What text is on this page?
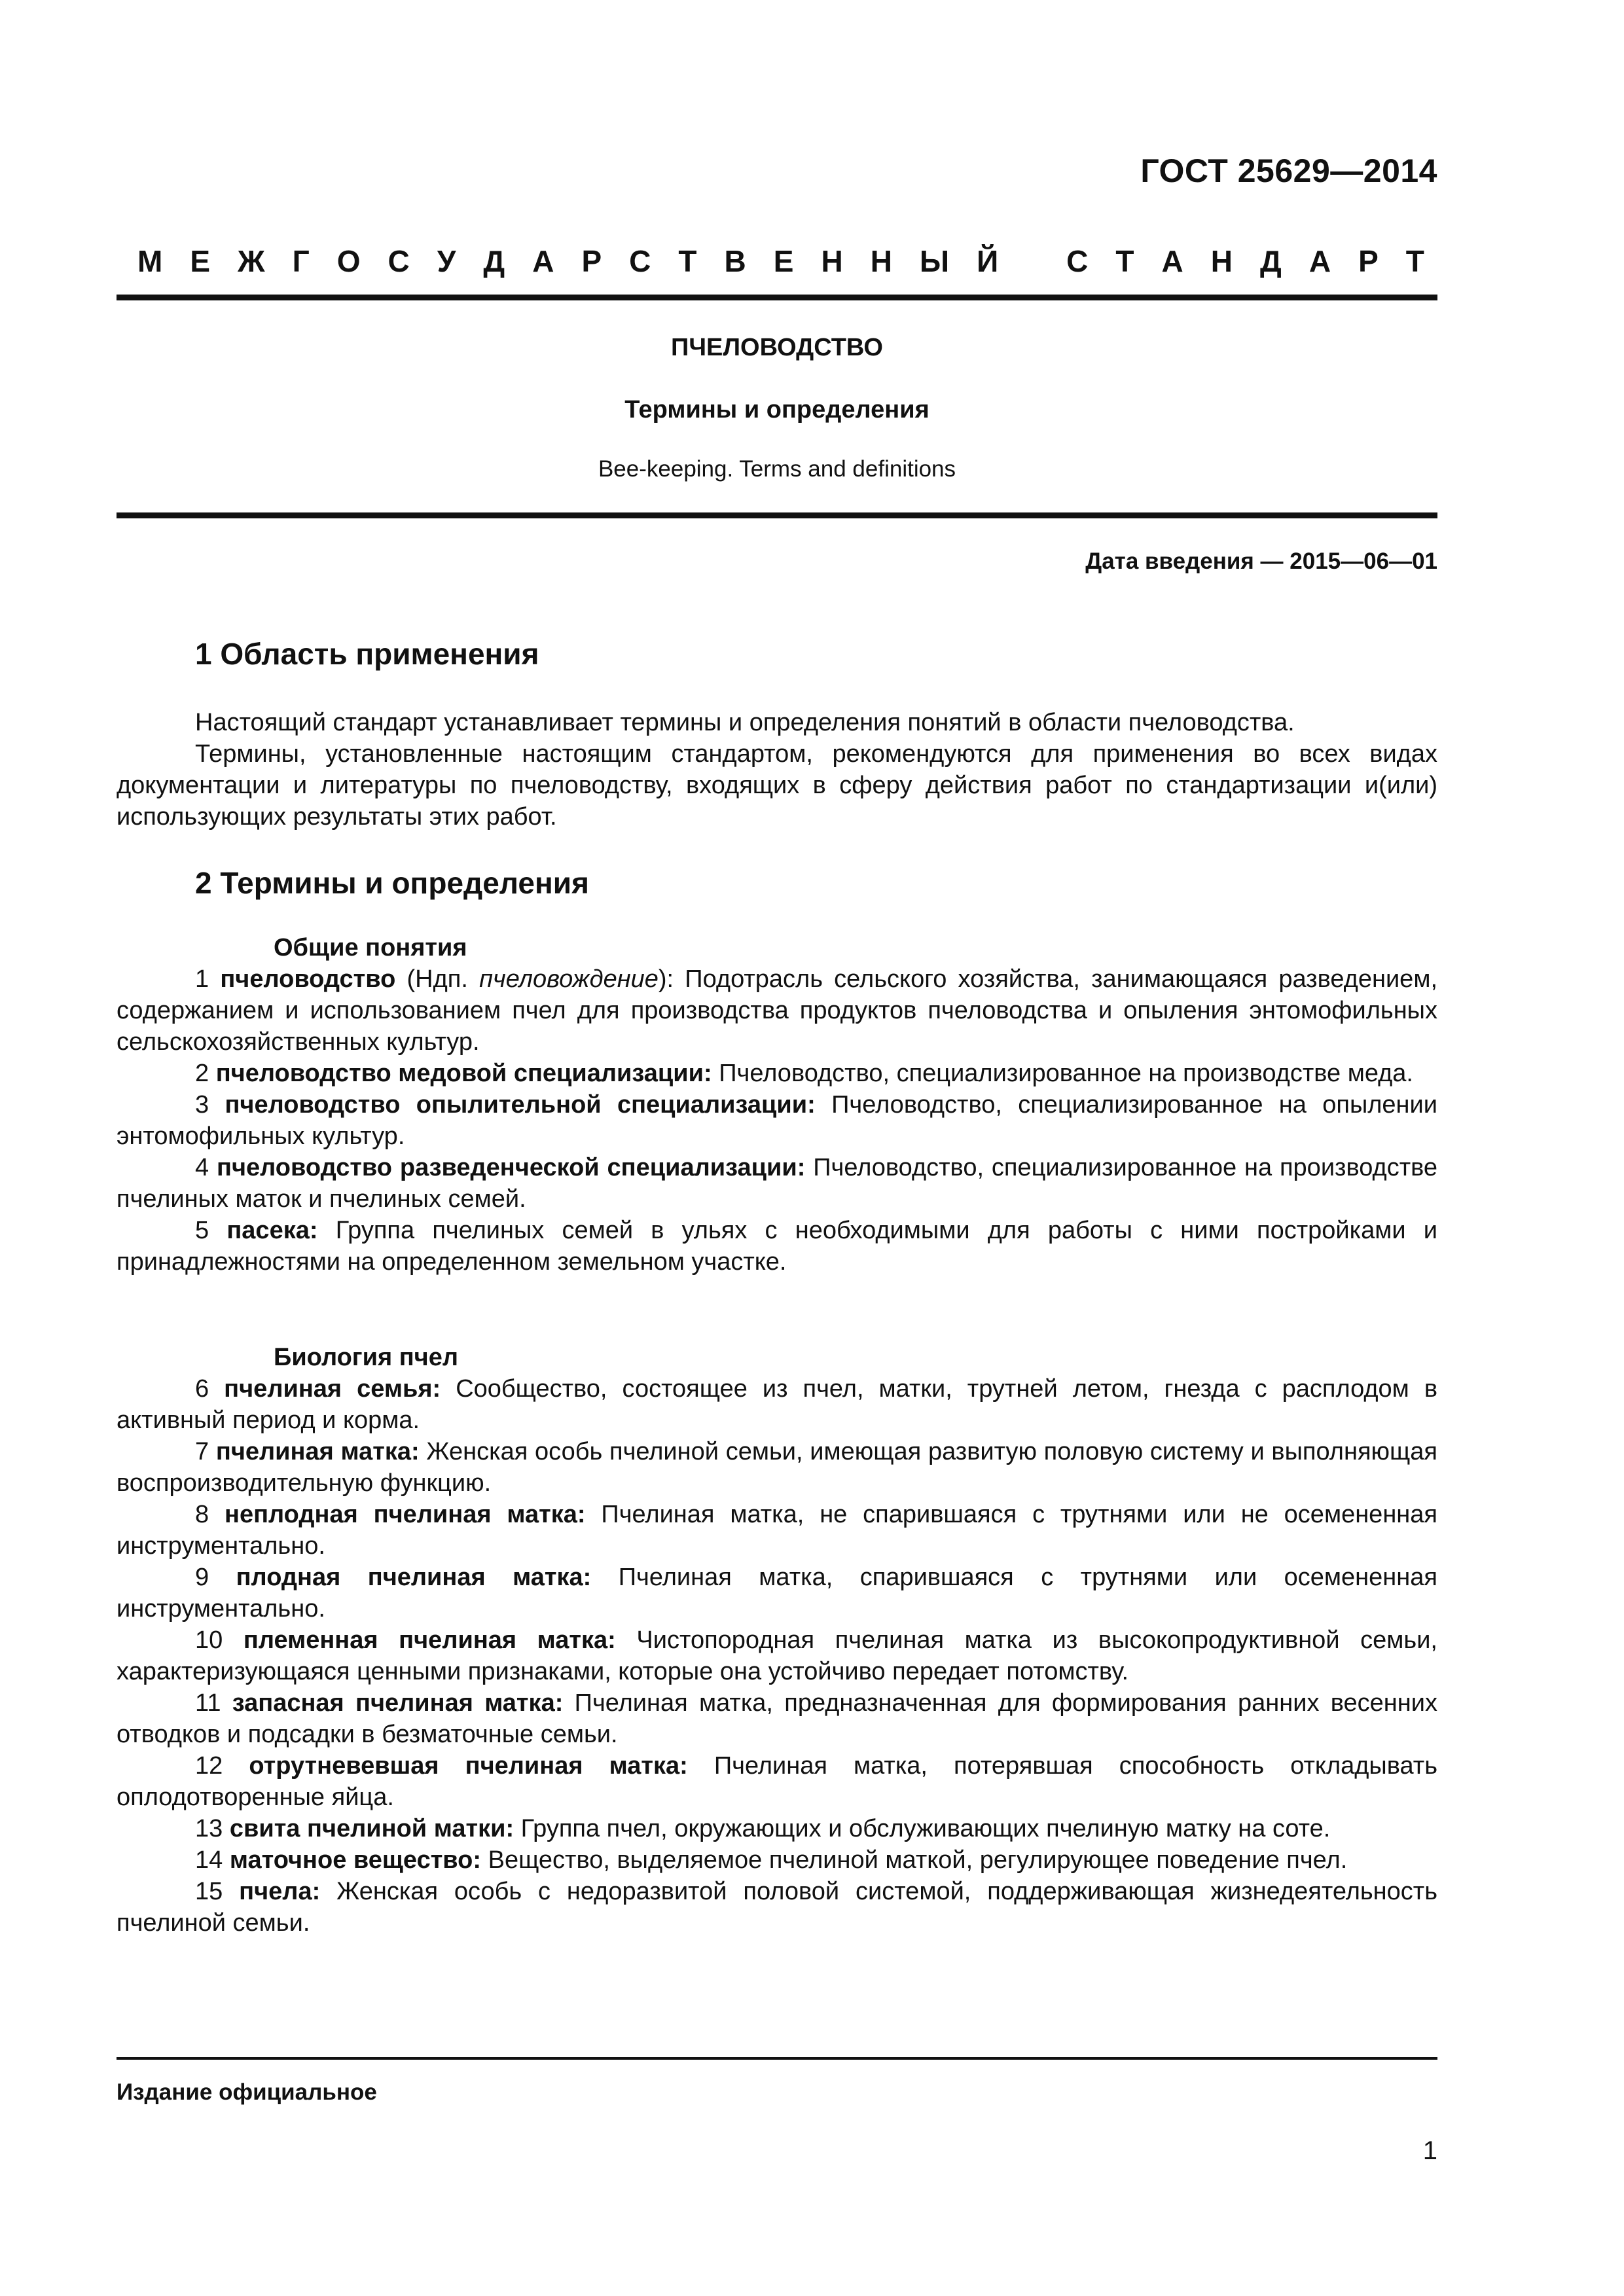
ГОСТ 25629—2014
М Е Ж Г О С У Д А Р С Т В Е Н Н Ы Й С Т А Н Д А Р Т
ПЧЕЛОВОДСТВО
Термины и определения
Bee-keeping. Terms and definitions
Дата введения — 2015—06—01
1 Область применения

Настоящий стандарт устанавливает термины и определения понятий в области пчеловодства.

Термины, установленные настоящим стандартом, рекомендуются для применения во всех видах документации и литературы по пчеловодству, входящих в сферу действия работ по стандартизации и(или) использующих результаты этих работ.

2 Термины и определения

Общие понятия

1 пчеловодство (Ндп. пчеловождение): Подотрасль сельского хозяйства, занимающаяся разведением, содержанием и использованием пчел для производства продуктов пчеловодства и опыления энтомофильных сельскохозяйственных культур.

2 пчеловодство медовой специализации: Пчеловодство, специализированное на производстве меда.

3 пчеловодство опылительной специализации: Пчеловодство, специализированное на опылении энтомофильных культур.

4 пчеловодство разведенческой специализации: Пчеловодство, специализированное на производстве пчелиных маток и пчелиных семей.

5 пасека: Группа пчелиных семей в ульях с необходимыми для работы с ними постройками и принадлежностями на определенном земельном участке.

Биология пчел

6 пчелиная семья: Сообщество, состоящее из пчел, матки, трутней летом, гнезда с расплодом в активный период и корма.

7 пчелиная матка: Женская особь пчелиной семьи, имеющая развитую половую систему и выполняющая воспроизводительную функцию.

8 неплодная пчелиная матка: Пчелиная матка, не спарившаяся с трутнями или не осемененная инструментально.

9 плодная пчелиная матка: Пчелиная матка, спарившаяся с трутнями или осемененная инструментально.

10 племенная пчелиная матка: Чистопородная пчелиная матка из высокопродуктивной семьи, характеризующаяся ценными признаками, которые она устойчиво передает потомству.

11 запасная пчелиная матка: Пчелиная матка, предназначенная для формирования ранних весенних отводков и подсадки в безматочные семьи.

12 отрутневевшая пчелиная матка: Пчелиная матка, потерявшая способность откладывать оплодотворенные яйца.

13 свита пчелиной матки: Группа пчел, окружающих и обслуживающих пчелиную матку на соте.

14 маточное вещество: Вещество, выделяемое пчелиной маткой, регулирующее поведение пчел.

15 пчела: Женская особь с недоразвитой половой системой, поддерживающая жизнедеятельность пчелиной семьи.

Издание официальное
1
